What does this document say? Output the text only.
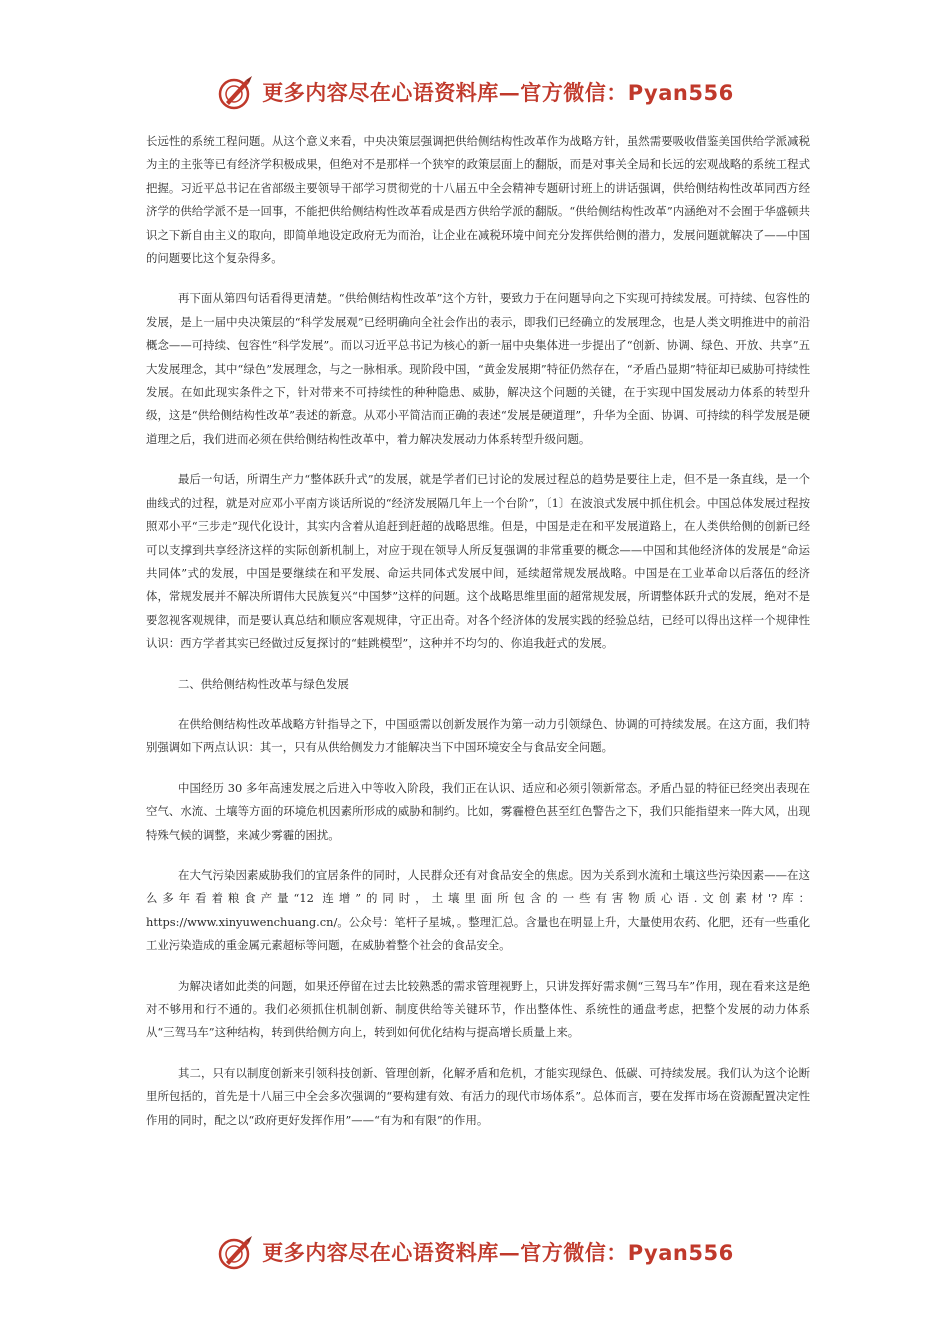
更多内容尽在心语资料库—官方微信：Pyan556

长远性的系统工程问题。从这个意义来看，中央决策层强调把供给侧结构性改革作为战略方针，虽然需要吸收借鉴美国供给学派减税为主的主张等已有经济学积极成果，但绝对不是那样一个狭窄的政策层面上的翻版，而是对事关全局和长远的宏观战略的系统工程式把握。习近平总书记在省部级主要领导干部学习贯彻党的十八届五中全会精神专题研讨班上的讲话强调，供给侧结构性改革同西方经济学的供给学派不是一回事，不能把供给侧结构性改革看成是西方供给学派的翻版。“供给侧结构性改革”内涵绝对不会囿于华盛顿共识之下新自由主义的取向，即简单地设定政府无为而治，让企业在减税环境中间充分发挥供给侧的潜力，发展问题就解决了——中国的问题要比这个复杂得多。

再下面从第四句话看得更清楚。“供给侧结构性改革”这个方针，要致力于在问题导向之下实现可持续发展。可持续、包容性的发展，是上一届中央决策层的“科学发展观”已经明确向全社会作出的表示，即我们已经确立的发展理念，也是人类文明推进中的前沿概念——可持续、包容性“科学发展”。而以习近平总书记为核心的新一届中央集体进一步提出了“创新、协调、绿色、开放、共享”五大发展理念，其中“绿色”发展理念，与之一脉相承。现阶段中国，“黄金发展期”特征仍然存在，“矛盾凸显期”特征却已威胁可持续性发展。在如此现实条件之下，针对带来不可持续性的种种隐患、威胁，解决这个问题的关键，在于实现中国发展动力体系的转型升级，这是“供给侧结构性改革”表述的新意。从邓小平简洁而正确的表述“发展是硬道理”，升华为全面、协调、可持续的科学发展是硬道理之后，我们进而必须在供给侧结构性改革中，着力解决发展动力体系转型升级问题。

最后一句话，所谓生产力“整体跃升式”的发展，就是学者们已讨论的发展过程总的趋势是要往上走，但不是一条直线，是一个曲线式的过程，就是对应邓小平南方谈话所说的“经济发展隔几年上一个台阶”，〔1〕在波浪式发展中抓住机会。中国总体发展过程按照邓小平“三步走”现代化设计，其实内含着从追赶到赶超的战略思维。但是，中国是走在和平发展道路上，在人类供给侧的创新已经可以支撑到共享经济这样的实际创新机制上，对应于现在领导人所反复强调的非常重要的概念——中国和其他经济体的发展是“命运共同体”式的发展，中国是要继续在和平发展、命运共同体式发展中间，延续超常规发展战略。中国是在工业革命以后落伍的经济体，常规发展并不解决所谓伟大民族复兴“中国梦”这样的问题。这个战略思维里面的超常规发展，所谓整体跃升式的发展，绝对不是要忽视客观规律，而是要认真总结和顺应客观规律，守正出奇。对各个经济体的发展实践的经验总结，已经可以得出这样一个规律性认识：西方学者其实已经做过反复探讨的“蛙跳模型”，这种并不均匀的、你追我赶式的发展。

二、供给侧结构性改革与绿色发展

在供给侧结构性改革战略方针指导之下，中国亟需以创新发展作为第一动力引领绿色、协调的可持续发展。在这方面，我们特别强调如下两点认识：其一，只有从供给侧发力才能解决当下中国环境安全与食品安全问题。

中国经历 30 多年高速发展之后进入中等收入阶段，我们正在认识、适应和必须引领新常态。矛盾凸显的特征已经突出表现在空气、水流、土壤等方面的环境危机因素所形成的威胁和制约。比如，雾霾橙色甚至红色警告之下，我们只能指望来一阵大风，出现特殊气候的调整，来减少雾霾的困扰。

在大气污染因素威胁我们的宜居条件的同时，人民群众还有对食品安全的焦虑。因为关系到水流和土壤这些污染因素——在这么多年看着粮食产量“12 连增”的同时，土壤里面所包含的一些有害物质心语.文创素材'?库：https://www.xinyuwenchuang.cn/。公众号：笔杆子星城，。整理汇总。含量也在明显上升，大量使用农药、化肥，还有一些重化工业污染造成的重金属元素超标等问题，在威胁着整个社会的食品安全。

为解决诸如此类的问题，如果还停留在过去比较熟悉的需求管理视野上，只讲发挥好需求侧“三驾马车”作用，现在看来这是绝对不够用和行不通的。我们必须抓住机制创新、制度供给等关键环节，作出整体性、系统性的通盘考虑，把整个发展的动力体系从“三驾马车”这种结构，转到供给侧方向上，转到如何优化结构与提高增长质量上来。

其二，只有以制度创新来引领科技创新、管理创新，化解矛盾和危机，才能实现绿色、低碳、可持续发展。我们认为这个论断里所包括的，首先是十八届三中全会多次强调的“要构建有效、有活力的现代市场体系”。总体而言，要在发挥市场在资源配置决定性作用的同时，配之以“政府更好发挥作用”——“有为和有限”的作用。

更多内容尽在心语资料库—官方微信：Pyan556
